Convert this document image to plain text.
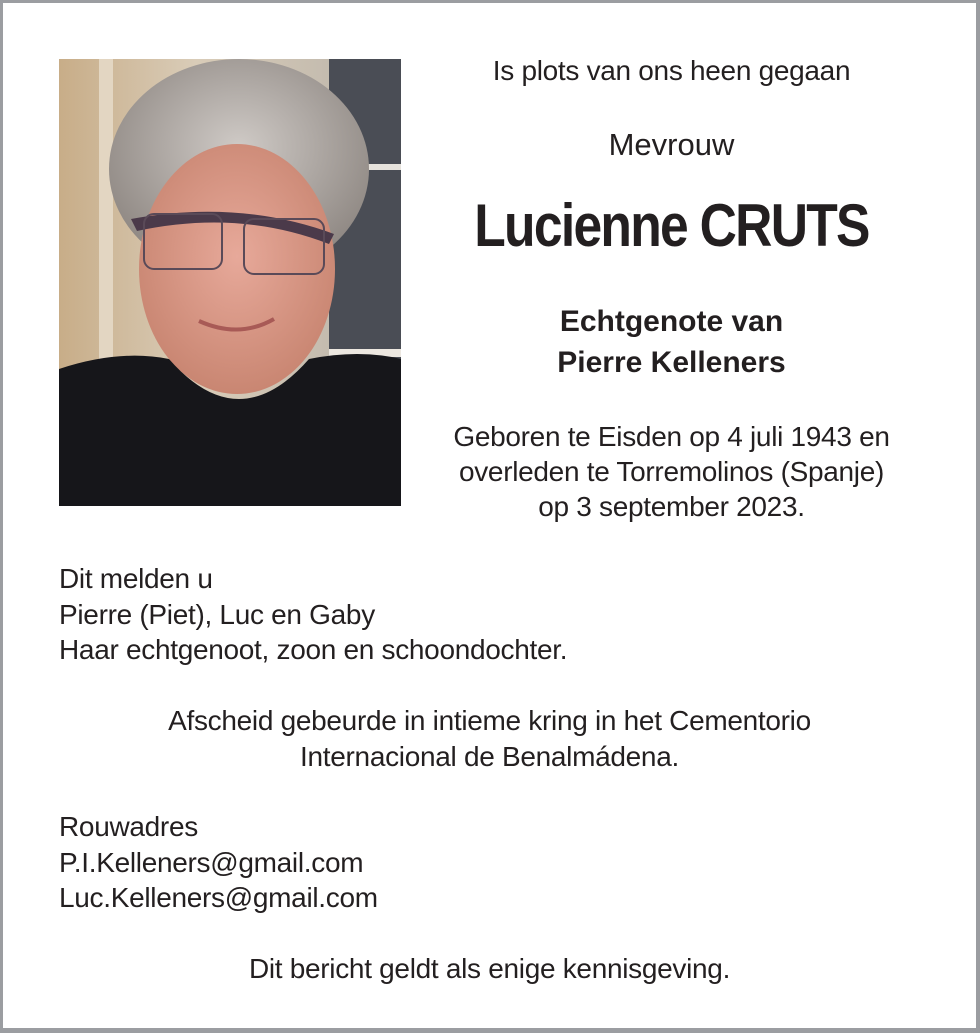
Is plots van ons heen gegaan
Mevrouw
Lucienne CRUTS
Echtgenote van
Pierre Kelleners
Geboren te Eisden op 4 juli 1943 en
overleden te Torremolinos (Spanje)
op 3 september 2023.
Dit melden u
Pierre (Piet), Luc en Gaby
Haar echtgenoot, zoon en schoondochter.
Afscheid gebeurde in intieme kring in het Cementorio
Internacional de Benalmádena.
Rouwadres
P.I.Kelleners@gmail.com
Luc.Kelleners@gmail.com
Dit bericht geldt als enige kennisgeving.
